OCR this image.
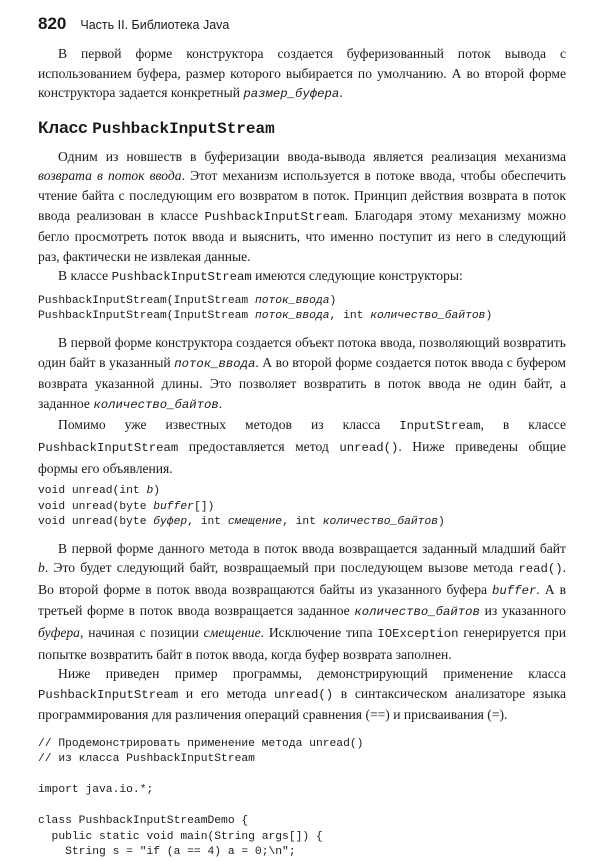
820 Часть II. Библиотека Java

В первой форме конструктора создается буферизованный поток вывода с использованием буфера, размер которого выбирается по умолчанию. А во второй форме конструктора задается конкретный размер_буфера.

Класс PushbackInputStream

Одним из новшеств в буферизации ввода-вывода является реализация механизма возврата в поток ввода. Этот механизм используется в потоке ввода, чтобы обеспечить чтение байта с последующим его возвратом в поток. Принцип действия возврата в поток ввода реализован в классе PushbackInputStream. Благодаря этому механизму можно бегло просмотреть поток ввода и выяснить, что именно поступит из него в следующий раз, фактически не извлекая данные.

В классе PushbackInputStream имеются следующие конструкторы:

PushbackInputStream(InputStream поток_ввода)
PushbackInputStream(InputStream поток_ввода, int количество_байтов)

В первой форме конструктора создается объект потока ввода, позволяющий возвратить один байт в указанный поток_ввода. А во второй форме создается поток ввода с буфером возврата указанной длины. Это позволяет возвратить в поток ввода не один байт, а заданное количество_байтов.

Помимо уже известных методов из класса InputStream, в классе PushbackInputStream предоставляется метод unread(). Ниже приведены общие формы его объявления.

void unread(int b)
void unread(byte buffer[])
void unread(byte буфер, int смещение, int количество_байтов)

В первой форме данного метода в поток ввода возвращается заданный младший байт b. Это будет следующий байт, возвращаемый при последующем вызове метода read(). Во второй форме в поток ввода возвращаются байты из указанного буфера buffer. А в третьей форме в поток ввода возвращается заданное количество_байтов из указанного буфера, начиная с позиции смещение. Исключение типа IOException генерируется при попытке возвратить байт в поток ввода, когда буфер возврата заполнен.

Ниже приведен пример программы, демонстрирующий применение класса PushbackInputStream и его метода unread() в синтаксическом анализаторе языка программирования для различения операций сравнения (==) и присваивания (=).

// Продемонстрировать применение метода unread()
// из класса PushbackInputStream

import java.io.*;

class PushbackInputStreamDemo {
public static void main(String args[]) {
String s = "if (a == 4) a = 0;\n";
